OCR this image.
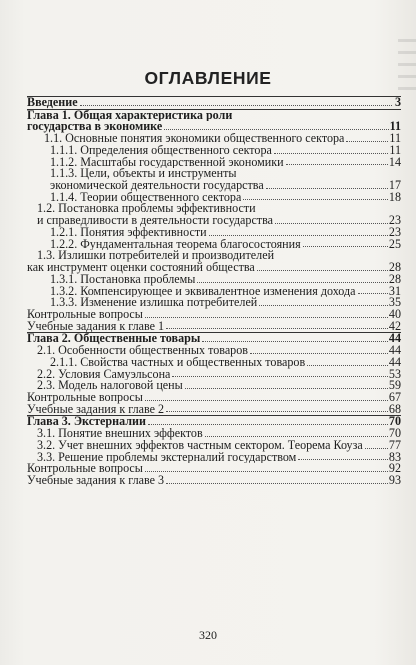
ОГЛАВЛЕНИЕ
Введение	3
Глава 1. Общая характеристика роли
государства в экономике	11
1.1. Основные понятия экономики общественного сектора	11
1.1.1. Определения общественного сектора	11
1.1.2. Масштабы государственной экономики	14
1.1.3. Цели, объекты и инструменты
экономической деятельности государства	17
1.1.4. Теории общественного сектора	18
1.2. Постановка проблемы эффективности
и справедливости в деятельности государства	23
1.2.1. Понятия эффективности	23
1.2.2. Фундаментальная теорема благосостояния	25
1.3. Излишки потребителей и производителей
как инструмент оценки состояний общества	28
1.3.1. Постановка проблемы	28
1.3.2. Компенсирующее и эквивалентное изменения дохода	31
1.3.3. Изменение излишка потребителей	35
Контрольные вопросы	40
Учебные задания к главе 1	42
Глава 2. Общественные товары	44
2.1. Особенности общественных товаров	44
2.1.1. Свойства частных и общественных товаров	44
2.2. Условия Самуэльсона	53
2.3. Модель налоговой цены	59
Контрольные вопросы	67
Учебные задания к главе 2	68
Глава 3. Экстерналии	70
3.1. Понятие внешних эффектов	70
3.2. Учет внешних эффектов частным сектором. Теорема Коуза 77
3.3. Решение проблемы экстерналий государством	83
Контрольные вопросы	92
Учебные задания к главе 3	93
320
